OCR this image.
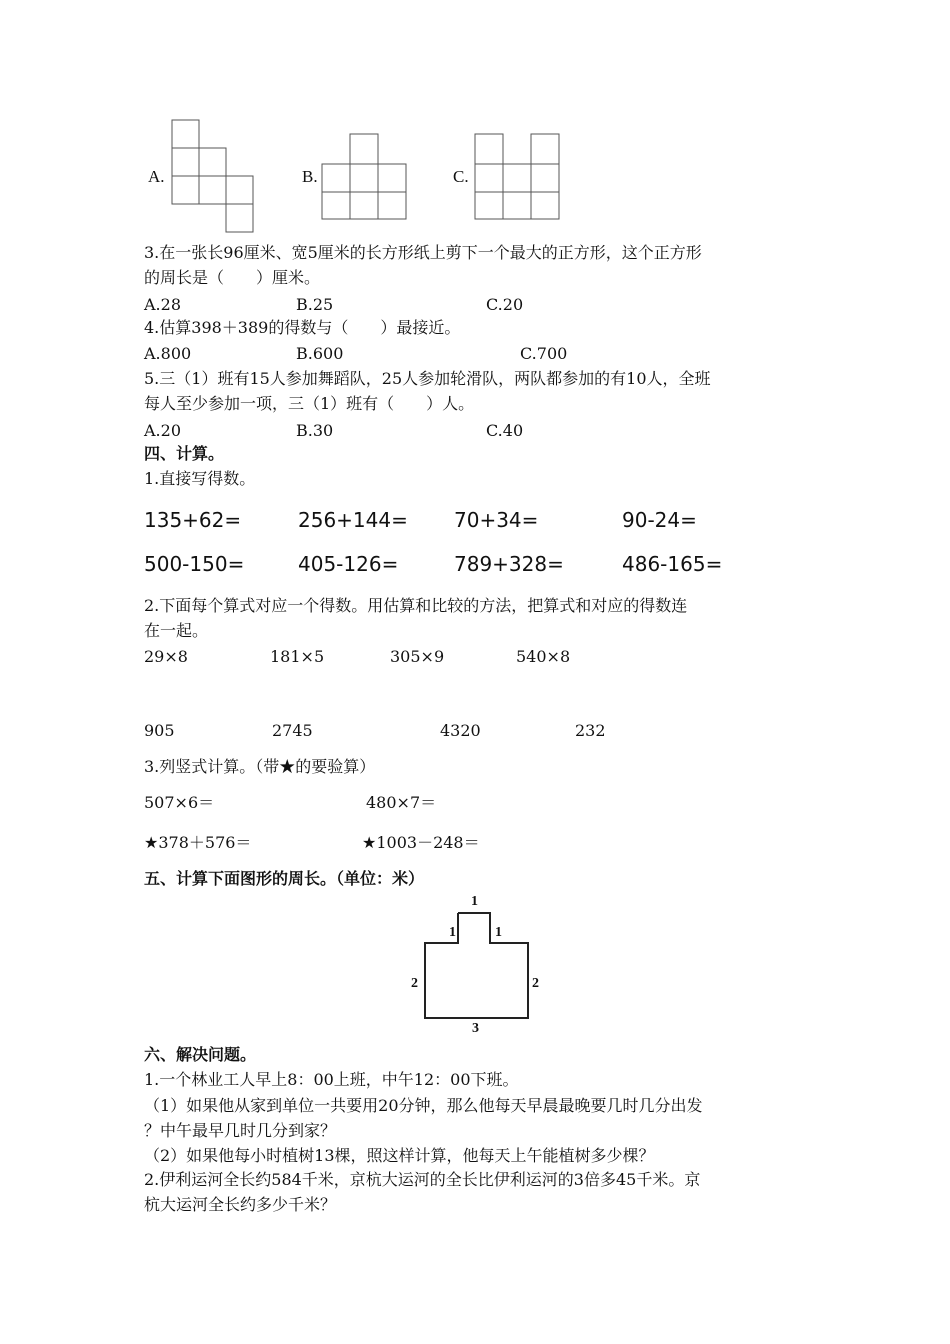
A.	B.	C.
3.在一张长96厘米、宽5厘米的长方形纸上剪下一个最大的正方形，这个正方形
的周长是（　　）厘米。
A.28	B.25	C.20
4.估算398＋389的得数与（　　）最接近。
A.800	B.600	C.700
5.三（1）班有15人参加舞蹈队，25人参加轮滑队，两队都参加的有10人，全班
每人至少参加一项，三（1）班有（　　）人。
A.20	B.30	C.40
四、计算。
1.直接写得数。
135+62=	256+144= 70+34=	90-24=
500-150=	405-126=	789+328=	486-165=
2.下面每个算式对应一个得数。用估算和比较的方法，把算式和对应的得数连
在一起。
29×8	181×5	305×9	540×8
905	2745	4320	232
3.列竖式计算。（带★的要验算）
507×6＝	480×7＝
★378＋576＝	★1003－248＝
五、计算下面图形的周长。（单位：米）
1
1	1
2	2
3
六、解决问题。
1.一个林业工人早上8：00上班，中午12：00下班。
（1）如果他从家到单位一共要用20分钟，那么他每天早晨最晚要几时几分出发
？中午最早几时几分到家？
（2）如果他每小时植树13棵，照这样计算，他每天上午能植树多少棵？
2.伊利运河全长约584千米，京杭大运河的全长比伊利运河的3倍多45千米。京
杭大运河全长约多少千米？
